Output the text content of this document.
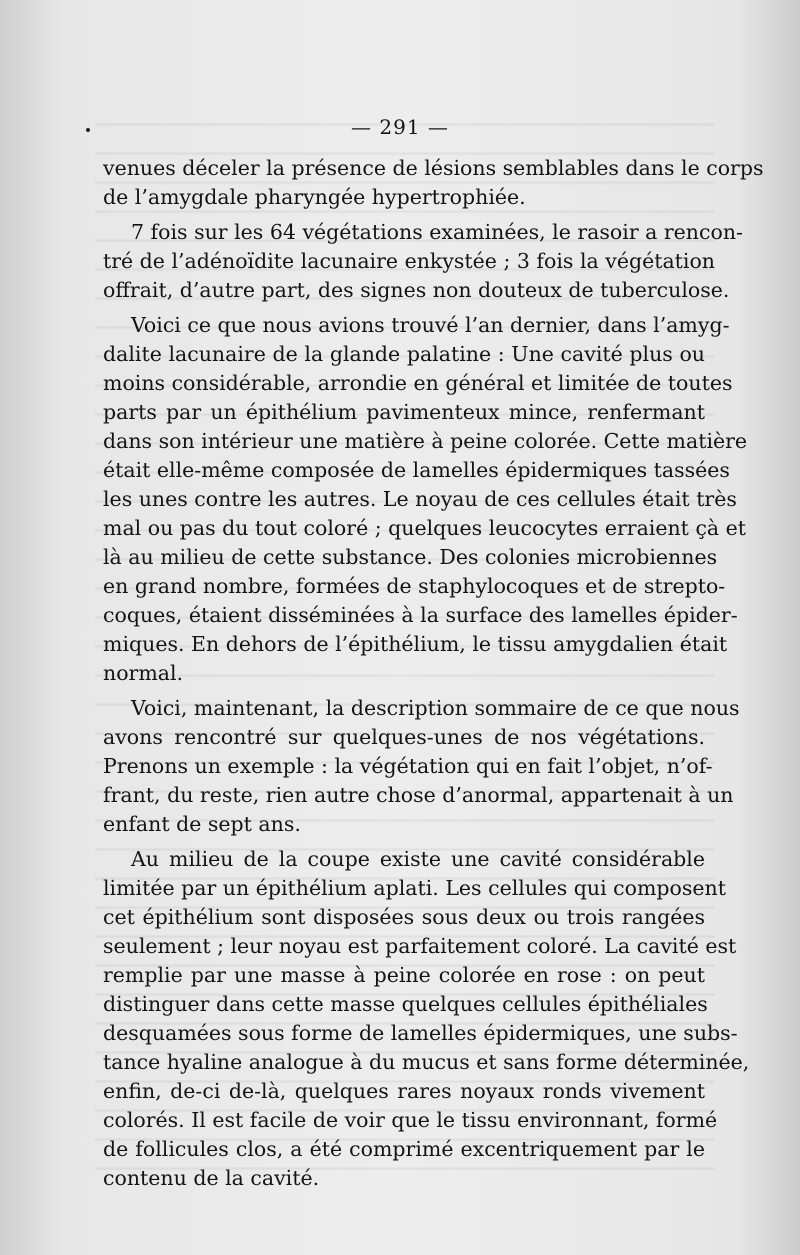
— 291 —
venues déceler la présence de lésions semblables dans le corps
de l’amygdale pharyngée hypertrophiée.
7 fois sur les 64 végétations examinées, le rasoir a rencon-
tré de l’adénoïdite lacunaire enkystée ; 3 fois la végétation
offrait, d’autre part, des signes non douteux de tuberculose.
Voici ce que nous avions trouvé l’an dernier, dans l’amyg-
dalite lacunaire de la glande palatine : Une cavité plus ou
moins considérable, arrondie en général et limitée de toutes
parts par un épithélium pavimenteux mince, renfermant
dans son intérieur une matière à peine colorée. Cette matière
était elle-même composée de lamelles épidermiques tassées
les unes contre les autres. Le noyau de ces cellules était très
mal ou pas du tout coloré ; quelques leucocytes erraient çà et
là au milieu de cette substance. Des colonies microbiennes
en grand nombre, formées de staphylocoques et de strepto-
coques, étaient disséminées à la surface des lamelles épider-
miques. En dehors de l’épithélium, le tissu amygdalien était
normal.
Voici, maintenant, la description sommaire de ce que nous
avons rencontré sur quelques-unes de nos végétations.
Prenons un exemple : la végétation qui en fait l’objet, n’of-
frant, du reste, rien autre chose d’anormal, appartenait à un
enfant de sept ans.
Au milieu de la coupe existe une cavité considérable
limitée par un épithélium aplati. Les cellules qui composent
cet épithélium sont disposées sous deux ou trois rangées
seulement ; leur noyau est parfaitement coloré. La cavité est
remplie par une masse à peine colorée en rose : on peut
distinguer dans cette masse quelques cellules épithéliales
desquamées sous forme de lamelles épidermiques, une subs-
tance hyaline analogue à du mucus et sans forme déterminée,
enfin, de-ci de-là, quelques rares noyaux ronds vivement
colorés. Il est facile de voir que le tissu environnant, formé
de follicules clos, a été comprimé excentriquement par le
contenu de la cavité.
